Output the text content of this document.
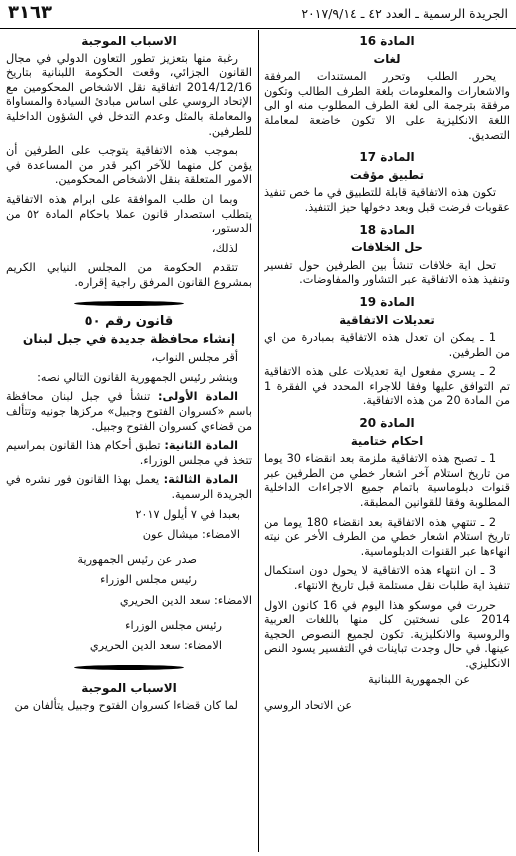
٣١٦٣	الجريدة الرسمية ـ العدد ٤٢ ـ ٢٠١٧/٩/١٤
المادة 16
لغات
يحرر الطلب وتحرر المستندات المرفقة والاشعارات والمعلومات بلغة الطرف الطالب وتكون مرفقة بترجمة الى لغة الطرف المطلوب منه او الى اللغة الانكليزية على الا تكون خاضعة لمعاملة التصديق.
المادة 17
تطبيق مؤقت
تكون هذه الاتفاقية قابلة للتطبيق في ما خص تنفيذ عقوبات فرضت قبل وبعد دخولها حيز التنفيذ.
المادة 18
حل الخلافات
تحل اية خلافات تنشأ بين الطرفين حول تفسير وتنفيذ هذه الاتفاقية عبر التشاور والمفاوضات.
المادة 19
تعديلات الاتفاقية
1 ـ يمكن ان تعدل هذه الاتفاقية بمبادرة من اي من الطرفين.
2 ـ يسري مفعول اية تعديلات على هذه الاتفاقية تم التوافق عليها وفقا للاجراء المحدد في الفقرة 1 من المادة 20 من هذه الاتفاقية.
المادة 20
احكام ختامية
1 ـ تصبح هذه الاتفاقية ملزمة بعد انقضاء 30 يوما من تاريخ استلام آخر اشعار خطي من الطرفين عبر قنوات دبلوماسية باتمام جميع الاجراءات الداخلية المطلوبة وفقا للقوانين المطبقة.
2 ـ تنتهي هذه الاتفاقية بعد انقضاء 180 يوما من تاريخ استلام اشعار خطي من الطرف الأخر عن نيته انهاءها عبر القنوات الدبلوماسية.
3 ـ ان انتهاء هذه الاتفاقية لا يحول دون استكمال تنفيذ اية طلبات نقل مستلمة قبل تاريخ الانتهاء.
حررت في موسكو هذا اليوم في 16 كانون الاول 2014 على نسختين كل منها باللغات العربية والروسية والانكليزية. تكون لجميع النصوص الحجية عينها. في حال وجدت تباينات في التفسير يسود النص الانكليزي.
عن الجمهورية اللبنانية
عن الاتحاد الروسي
الاسباب الموجبة
رغبة منها بتعزيز تطور التعاون الدولي في مجال القانون الجزائي، وقعت الحكومة اللبنانية بتاريخ 2014/12/16 اتفاقية نقل الاشخاص المحكومين مع الإتحاد الروسي على اساس مبادئ السيادة والمساواة والمعاملة بالمثل وعدم التدخل في الشؤون الداخلية للطرفين.
بموجب هذه الاتفاقية يتوجب على الطرفين أن يؤمن كل منهما للآخر اكبر قدر من المساعدة في الامور المتعلقة بنقل الاشخاص المحكومين.
وبما ان طلب الموافقة على ابرام هذه الاتفاقية يتطلب استصدار قانون عملا باحكام المادة ٥٢ من الدستور،
لذلك،
تتقدم الحكومة من المجلس النيابي الكريم بمشروع القانون المرفق راجية إقراره.
قانون رقم ٥٠
إنشاء محافظة جديدة في جبل لبنان
أقر مجلس النواب،
وينشر رئيس الجمهورية القانون التالي نصه:
المادة الأولى: تنشأ في جبل لبنان محافظة باسم «كسروان الفتوح وجبيل» مركزها جونيه وتتألف من قضاءي كسروان الفتوح وجبيل.
المادة الثانية: تطبق أحكام هذا القانون بمراسيم تتخذ في مجلس الوزراء.
المادة الثالثة: يعمل بهذا القانون فور نشره في الجريدة الرسمية.
بعبدا في ٧ أيلول ٢٠١٧
الامضاء: ميشال عون
صدر عن رئيس الجمهورية
رئيس مجلس الوزراء
الامضاء: سعد الدين الحريري
رئيس مجلس الوزراء
الامضاء: سعد الدين الحريري
الاسباب الموجبة
لما كان قضاءا كسروان الفتوح وجبيل يتألفان من
